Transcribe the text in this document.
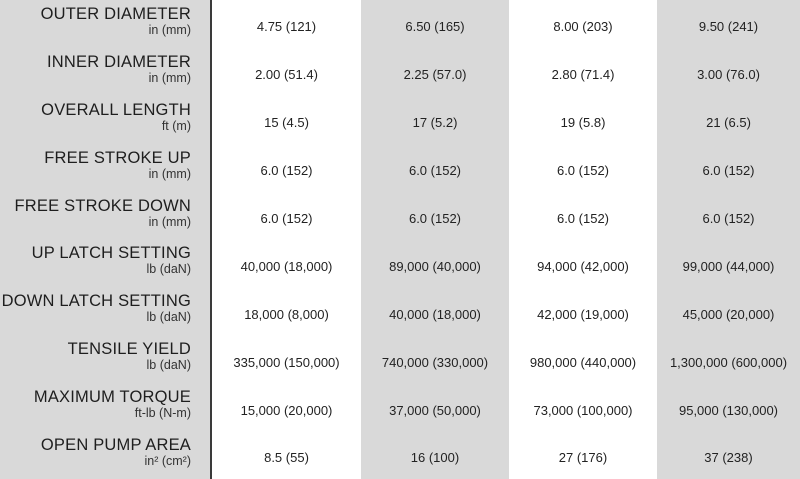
OUTER DIAMETER
in (mm)
INNER DIAMETER
in (mm)
OVERALL LENGTH
ft (m)
FREE STROKE UP
in (mm)
FREE STROKE DOWN
in (mm)
UP LATCH SETTING
lb (daN)
DOWN LATCH SETTING
lb (daN)
TENSILE YIELD
lb (daN)
MAXIMUM TORQUE
ft-lb (N-m)
OPEN PUMP AREA
in² (cm²)
4.75 (121)
2.00 (51.4)
15 (4.5)
6.0 (152)
6.0 (152)
40,000 (18,000)
18,000 (8,000)
335,000 (150,000)
15,000 (20,000)
8.5 (55)
6.50 (165)
2.25 (57.0)
17 (5.2)
6.0 (152)
6.0 (152)
89,000 (40,000)
40,000 (18,000)
740,000 (330,000)
37,000 (50,000)
16 (100)
8.00 (203)
2.80 (71.4)
19 (5.8)
6.0 (152)
6.0 (152)
94,000 (42,000)
42,000 (19,000)
980,000 (440,000)
73,000 (100,000)
27 (176)
9.50 (241)
3.00 (76.0)
21 (6.5)
6.0 (152)
6.0 (152)
99,000 (44,000)
45,000 (20,000)
1,300,000 (600,000)
95,000 (130,000)
37 (238)
